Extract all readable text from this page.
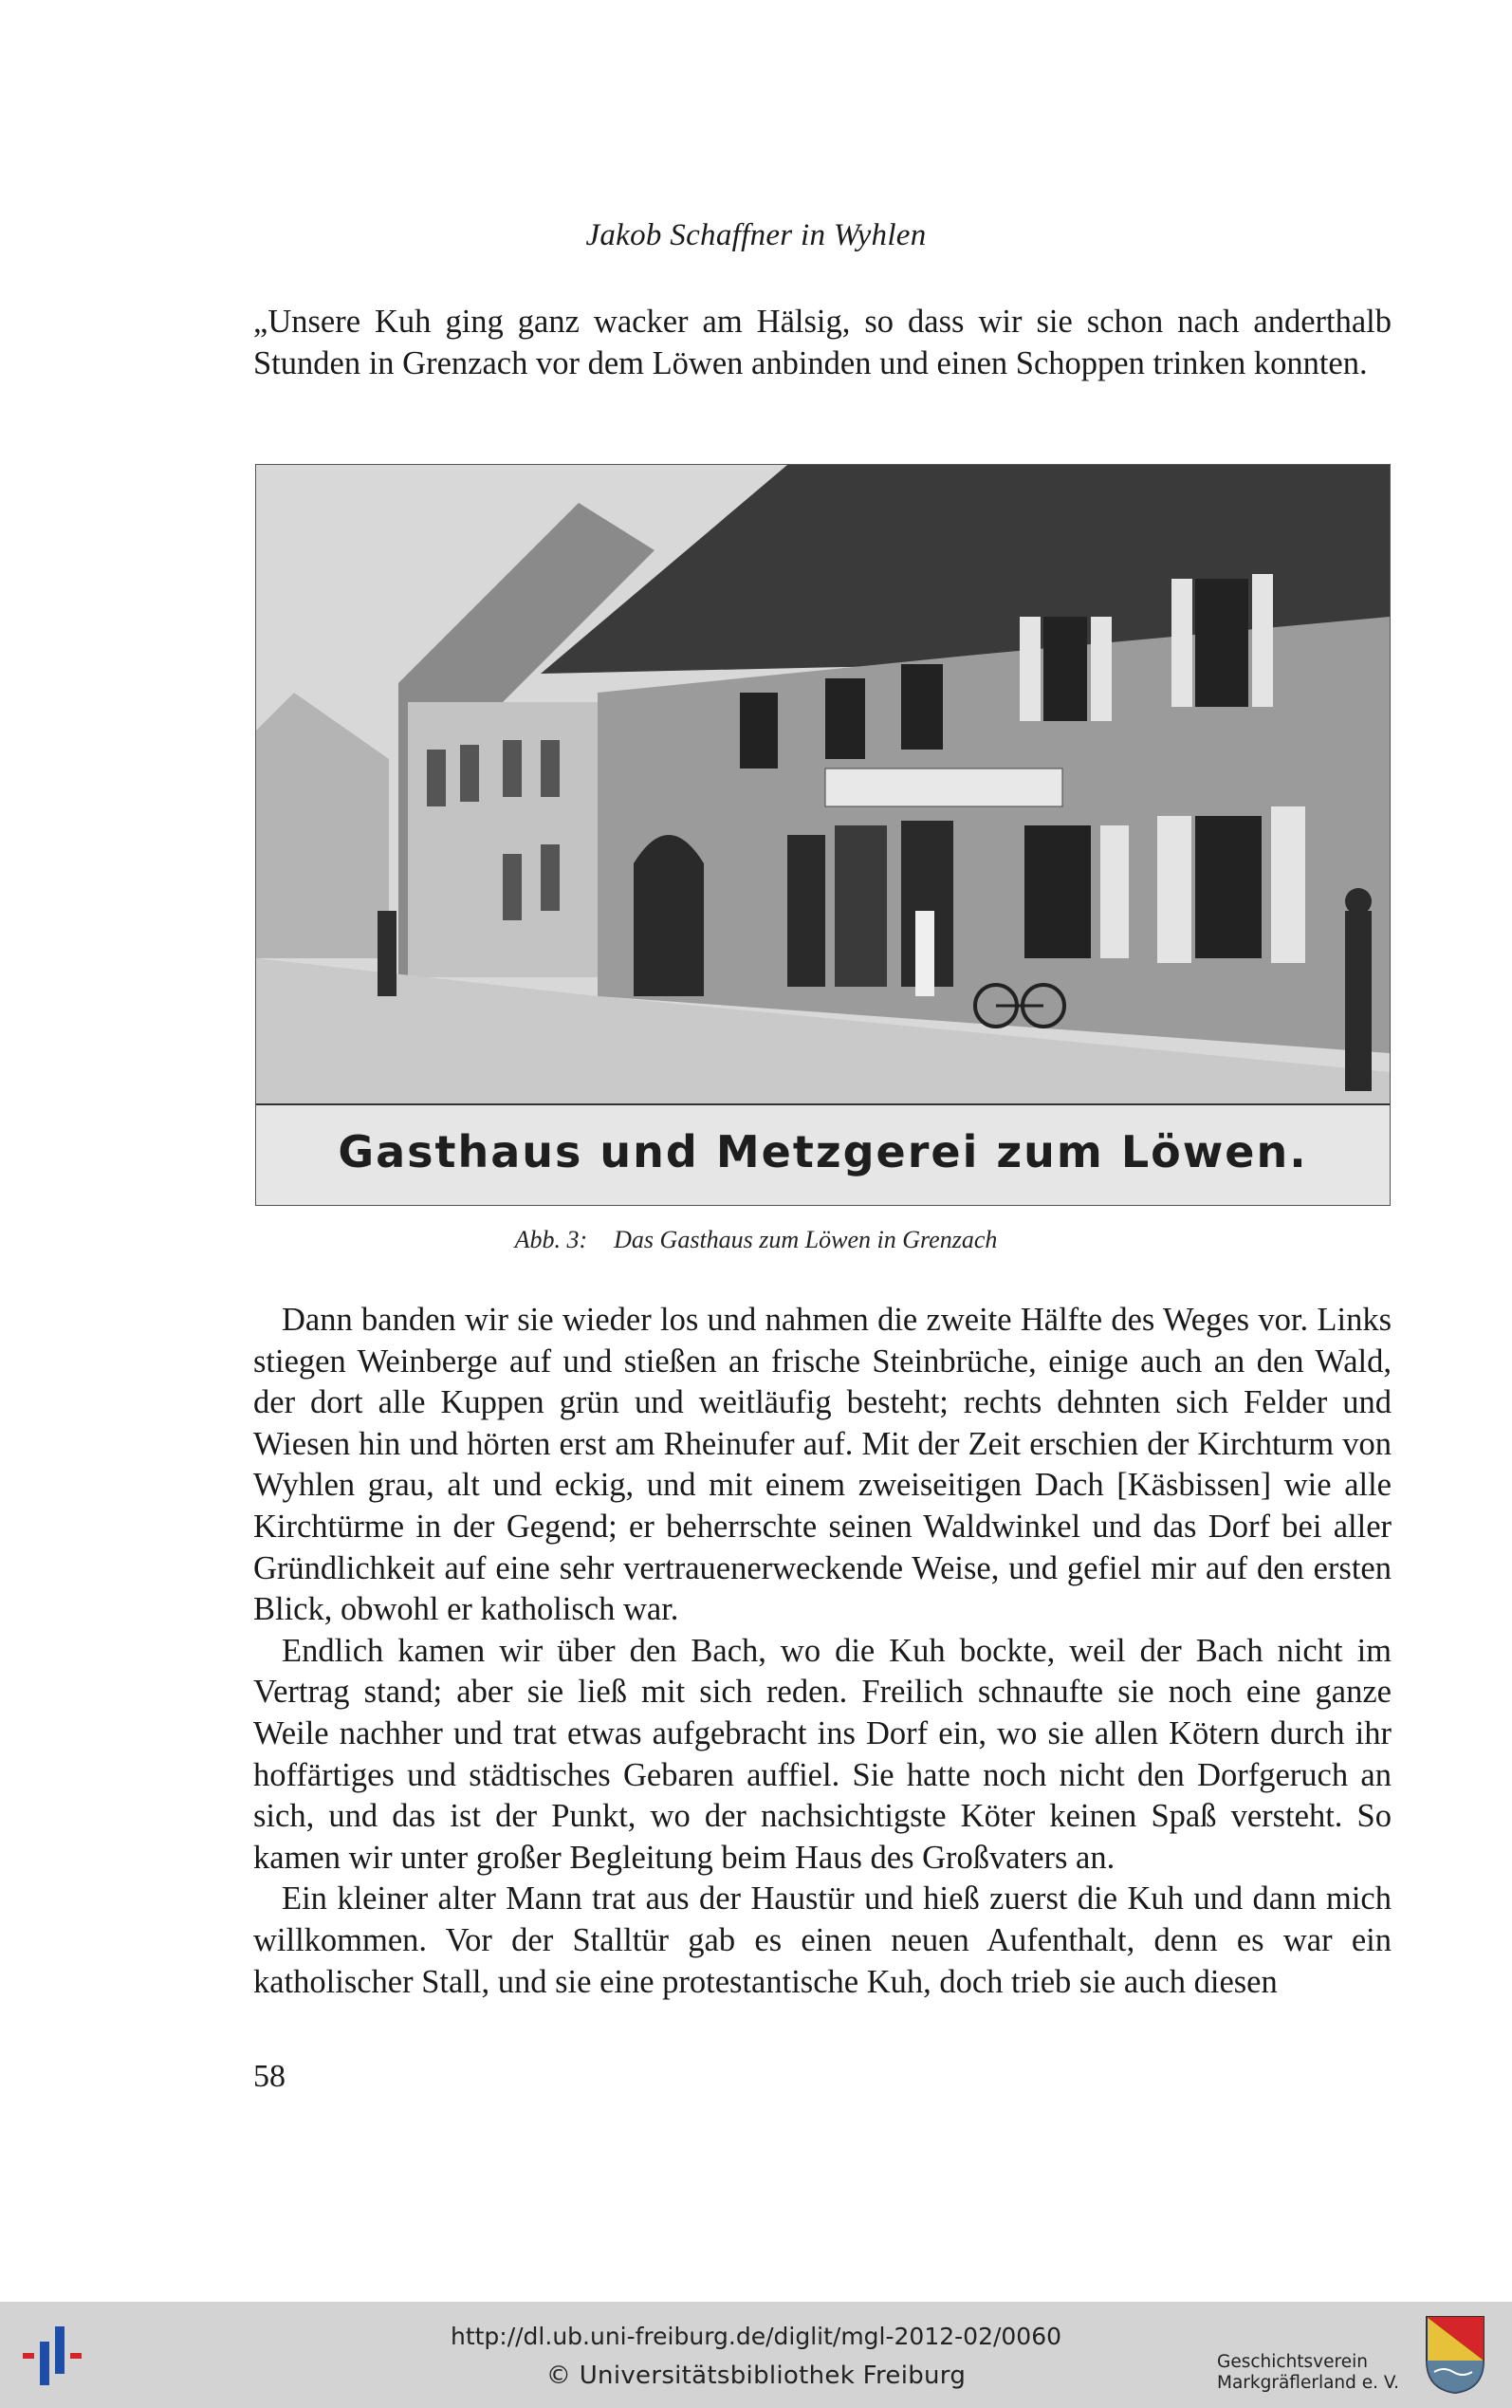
Jakob Schaffner in Wyhlen

„Unsere Kuh ging ganz wacker am Hälsig, so dass wir sie schon nach anderthalb Stunden in Grenzach vor dem Löwen anbinden und einen Schoppen trinken konnten.

Gasthaus und Metzgerei zum Löwen.
Abb. 3: Das Gasthaus zum Löwen in Grenzach

Dann banden wir sie wieder los und nahmen die zweite Hälfte des Weges vor. Links stiegen Weinberge auf und stießen an frische Steinbrüche, einige auch an den Wald, der dort alle Kuppen grün und weitläufig besteht; rechts dehnten sich Felder und Wiesen hin und hörten erst am Rheinufer auf. Mit der Zeit erschien der Kirchturm von Wyhlen grau, alt und eckig, und mit einem zweiseitigen Dach [Käsbissen] wie alle Kirchtürme in der Gegend; er beherrschte seinen Waldwinkel und das Dorf bei aller Gründlichkeit auf eine sehr vertrauenerweckende Weise, und gefiel mir auf den ersten Blick, obwohl er katholisch war.

Endlich kamen wir über den Bach, wo die Kuh bockte, weil der Bach nicht im Vertrag stand; aber sie ließ mit sich reden. Freilich schnaufte sie noch eine ganze Weile nachher und trat etwas aufgebracht ins Dorf ein, wo sie allen Kötern durch ihr hoffärtiges und städtisches Gebaren auffiel. Sie hatte noch nicht den Dorfgeruch an sich, und das ist der Punkt, wo der nachsichtigste Köter keinen Spaß versteht. So kamen wir unter großer Begleitung beim Haus des Großvaters an.

Ein kleiner alter Mann trat aus der Haustür und hieß zuerst die Kuh und dann mich willkommen. Vor der Stalltür gab es einen neuen Aufenthalt, denn es war ein katholischer Stall, und sie eine protestantische Kuh, doch trieb sie auch diesen

58
http://dl.ub.uni-freiburg.de/diglit/mgl-2012-02/0060
© Universitätsbibliothek Freiburg	Geschichtsverein
Markgräflerland e. V.
